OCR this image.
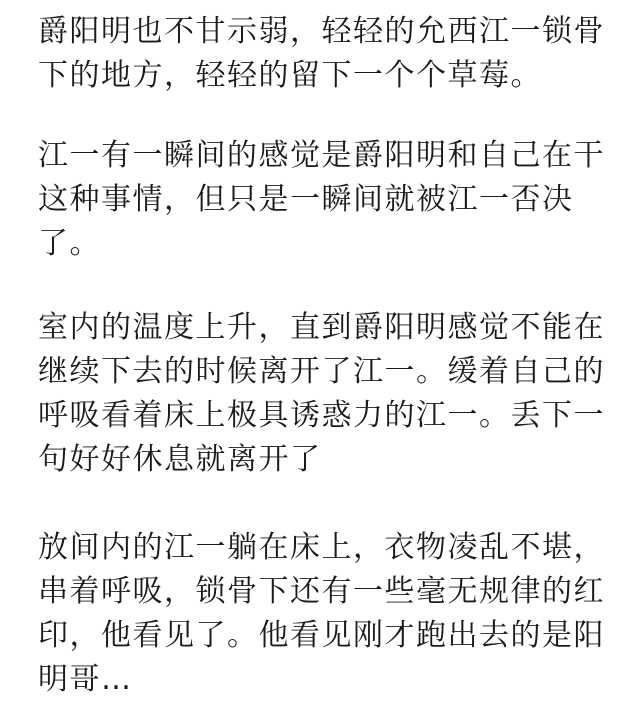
爵阳明也不甘示弱，轻轻的允西江一锁骨下的地方，轻轻的留下一个个草莓。

江一有一瞬间的感觉是爵阳明和自己在干这种事情，但只是一瞬间就被江一否决了。

室内的温度上升，直到爵阳明感觉不能在继续下去的时候离开了江一。缓着自己的呼吸看着床上极具诱惑力的江一。丢下一句好好休息就离开了

放间内的江一躺在床上，衣物凌乱不堪，串着呼吸，锁骨下还有一些毫无规律的红印，他看见了。他看见刚才跑出去的是阳明哥…
